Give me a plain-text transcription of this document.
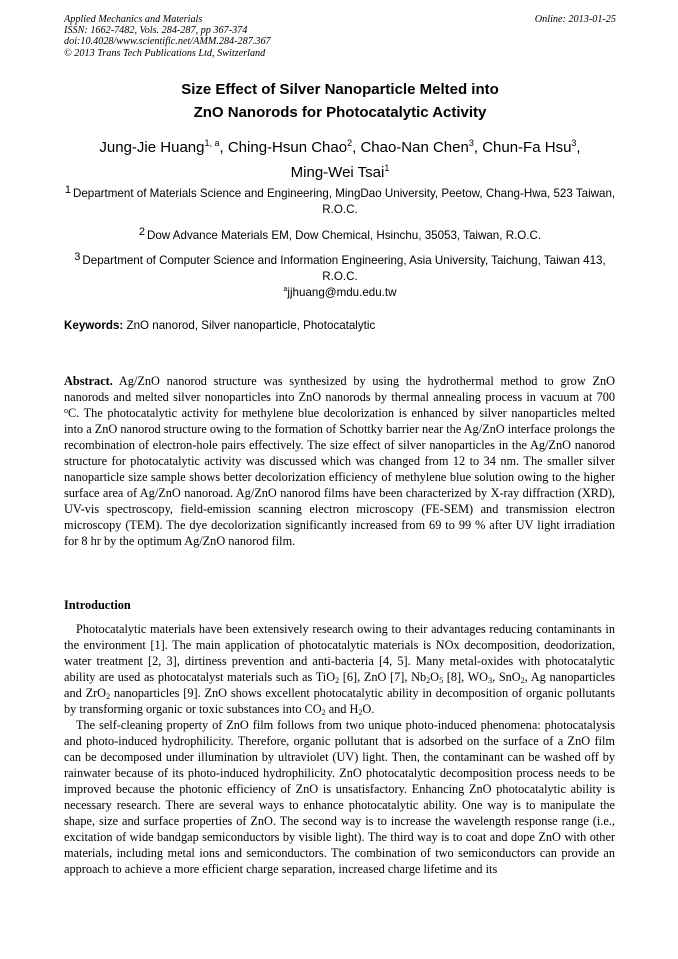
Applied Mechanics and Materials
ISSN: 1662-7482, Vols. 284-287, pp 367-374
doi:10.4028/www.scientific.net/AMM.284-287.367
© 2013 Trans Tech Publications Ltd, Switzerland
Online: 2013-01-25
Size Effect of Silver Nanoparticle Melted into
ZnO Nanorods for Photocatalytic Activity
Jung-Jie Huang$^{1, a}$, Ching-Hsun Chao$^2$, Chao-Nan Chen$^3$, Chun-Fa Hsu$^3$,
Ming-Wei Tsai$^1$
$^1$ Department of Materials Science and Engineering, MingDao University, Peetow, Chang-Hwa, 523 Taiwan, R.O.C.
$^2$ Dow Advance Materials EM, Dow Chemical, Hsinchu, 35053, Taiwan, R.O.C.
$^3$ Department of Computer Science and Information Engineering, Asia University, Taichung, Taiwan 413, R.O.C.
$^a$jjhuang@mdu.edu.tw
Keywords: ZnO nanorod, Silver nanoparticle, Photocatalytic

Abstract. Ag/ZnO nanorod structure was synthesized by using the hydrothermal method to grow ZnO nanorods and melted silver nonoparticles into ZnO nanorods by thermal annealing process in vacuum at 700 $^o$C. The photocatalytic activity for methylene blue decolorization is enhanced by silver nanoparticles melted into a ZnO nanorod structure owing to the formation of Schottky barrier near the Ag/ZnO interface prolongs the recombination of electron-hole pairs effectively. The size effect of silver nanoparticles in the Ag/ZnO nanorod structure for photocatalytic activity was discussed which was changed from 12 to 34 nm. The smaller silver nanoparticle size sample shows better decolorization efficiency of methylene blue solution owing to the higher surface area of Ag/ZnO nanoroad. Ag/ZnO nanorod films have been characterized by X-ray diffraction (XRD), UV-vis spectroscopy, field-emission scanning electron microscopy (FE-SEM) and transmission electron microscopy (TEM). The dye decolorization significantly increased from 69 to 99 % after UV light irradiation for 8 hr by the optimum Ag/ZnO nanorod film.

Introduction

Photocatalytic materials have been extensively research owing to their advantages reducing contaminants in the environment [1]. The main application of photocatalytic materials is NOx decomposition, deodorization, water treatment [2, 3], dirtiness prevention and anti-bacteria [4, 5]. Many metal-oxides with photocatalytic ability are used as photocatalyst materials such as TiO$_2$ [6], ZnO [7], $Nb_2O_5$ [8], $WO_3$, SnO$_2$, Ag nanoparticles and ZrO$_2$ nanoparticles [9]. ZnO shows excellent photocatalytic ability in decomposition of organic pollutants by transforming organic or toxic substances into $CO_2$ and $H_2O$.

The self-cleaning property of ZnO film follows from two unique photo-induced phenomena: photocatalysis and photo-induced hydrophilicity. Therefore, organic pollutant that is adsorbed on the surface of a ZnO film can be decomposed under illumination by ultraviolet (UV) light. Then, the contaminant can be washed off by rainwater because of its photo-induced hydrophilicity. ZnO photocatalytic decomposition process needs to be improved because the photonic efficiency of ZnO is unsatisfactory. Enhancing ZnO photocatalytic ability is necessary research. There are several ways to enhance photocatalytic ability. One way is to manipulate the shape, size and surface properties of ZnO. The second way is to increase the wavelength response range (i.e., excitation of wide bandgap semiconductors by visible light). The third way is to coat and dope ZnO with other materials, including metal ions and semiconductors. The combination of two semiconductors can provide an approach to achieve a more efficient charge separation, increased charge lifetime and its
